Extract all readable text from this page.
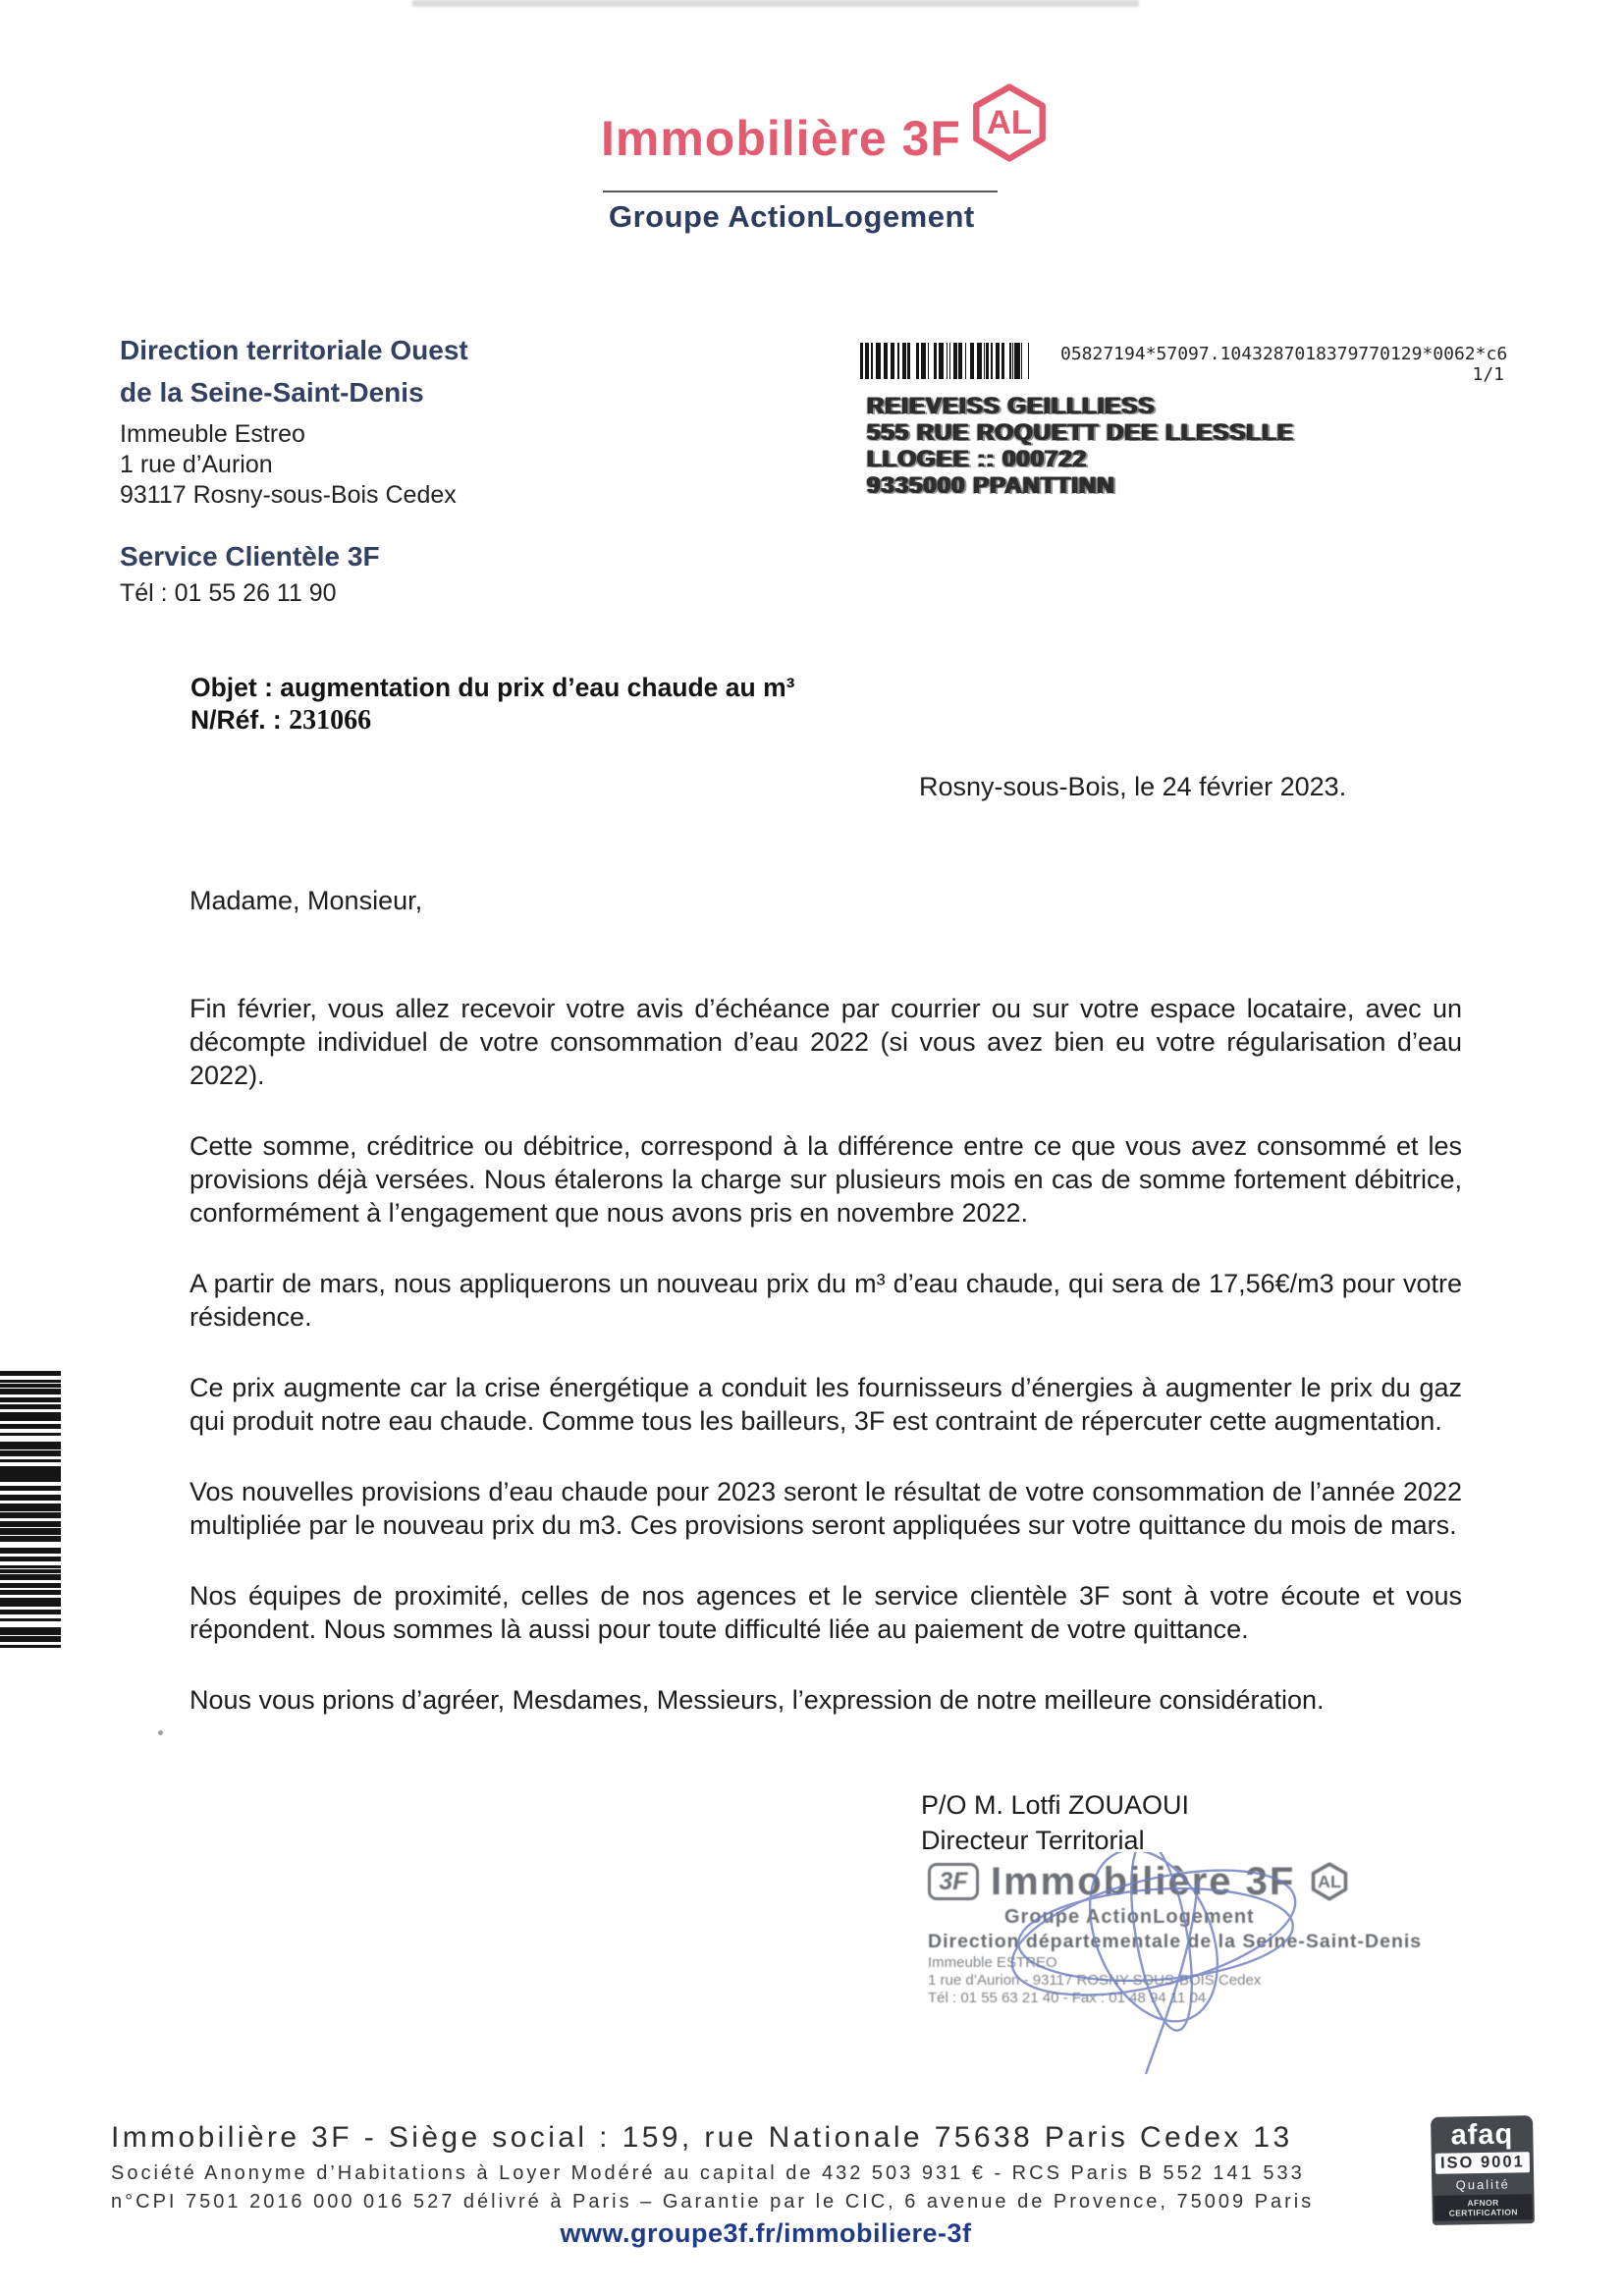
Immobilière 3F AL
Groupe ActionLogement
Direction territoriale Ouest
de la Seine-Saint-Denis
Immeuble Estreo
1 rue d’Aurion
93117 Rosny-sous-Bois Cedex
Service Clientèle 3F
Tél : 01 55 26 11 90
05827194*57097.1043287018379770129*0062*c6
1/1
REIEVEISS GEILLLIESS
555 RUE ROQUETT DEE LLESSLLE
LLOGEE :: 000722
9335000 PPANTTINN
Objet : augmentation du prix d’eau chaude au m³
N/Réf. : 231066
Rosny-sous-Bois, le 24 février 2023.
Madame, Monsieur,

Fin février, vous allez recevoir votre avis d’échéance par courrier ou sur votre espace locataire, avec un décompte individuel de votre consommation d’eau 2022 (si vous avez bien eu votre régularisation d’eau 2022).

Cette somme, créditrice ou débitrice, correspond à la différence entre ce que vous avez consommé et les provisions déjà versées. Nous étalerons la charge sur plusieurs mois en cas de somme fortement débitrice, conformément à l’engagement que nous avons pris en novembre 2022.

A partir de mars, nous appliquerons un nouveau prix du m³ d’eau chaude, qui sera de 17,56€/m3 pour votre résidence.

Ce prix augmente car la crise énergétique a conduit les fournisseurs d’énergies à augmenter le prix du gaz qui produit notre eau chaude. Comme tous les bailleurs, 3F est contraint de répercuter cette augmentation.

Vos nouvelles provisions d’eau chaude pour 2023 seront le résultat de votre consommation de l’année 2022 multipliée par le nouveau prix du m3. Ces provisions seront appliquées sur votre quittance du mois de mars.

Nos équipes de proximité, celles de nos agences et le service clientèle 3F sont à votre écoute et vous répondent. Nous sommes là aussi pour toute difficulté liée au paiement de votre quittance.

Nous vous prions d’agréer, Mesdames, Messieurs, l’expression de notre meilleure considération.

P/O M. Lotfi ZOUAOUI
Directeur Territorial
3F Immobilière 3F AL
Groupe ActionLogement
Direction départementale de la Seine-Saint-Denis
Immeuble ESTREO
1 rue d’Aurion - 93117 ROSNY-SOUS-BOIS Cedex
Tél : 01 55 63 21 40 - Fax : 01 48 94 11 04
Immobilière 3F - Siège social : 159, rue Nationale 75638 Paris Cedex 13
Société Anonyme d’Habitations à Loyer Modéré au capital de 432 503 931 € - RCS Paris B 552 141 533
n°CPI 7501 2016 000 016 527 délivré à Paris – Garantie par le CIC, 6 avenue de Provence, 75009 Paris
www.groupe3f.fr/immobiliere-3f
afaq
ISO 9001
Qualité
AFNOR CERTIFICATION
